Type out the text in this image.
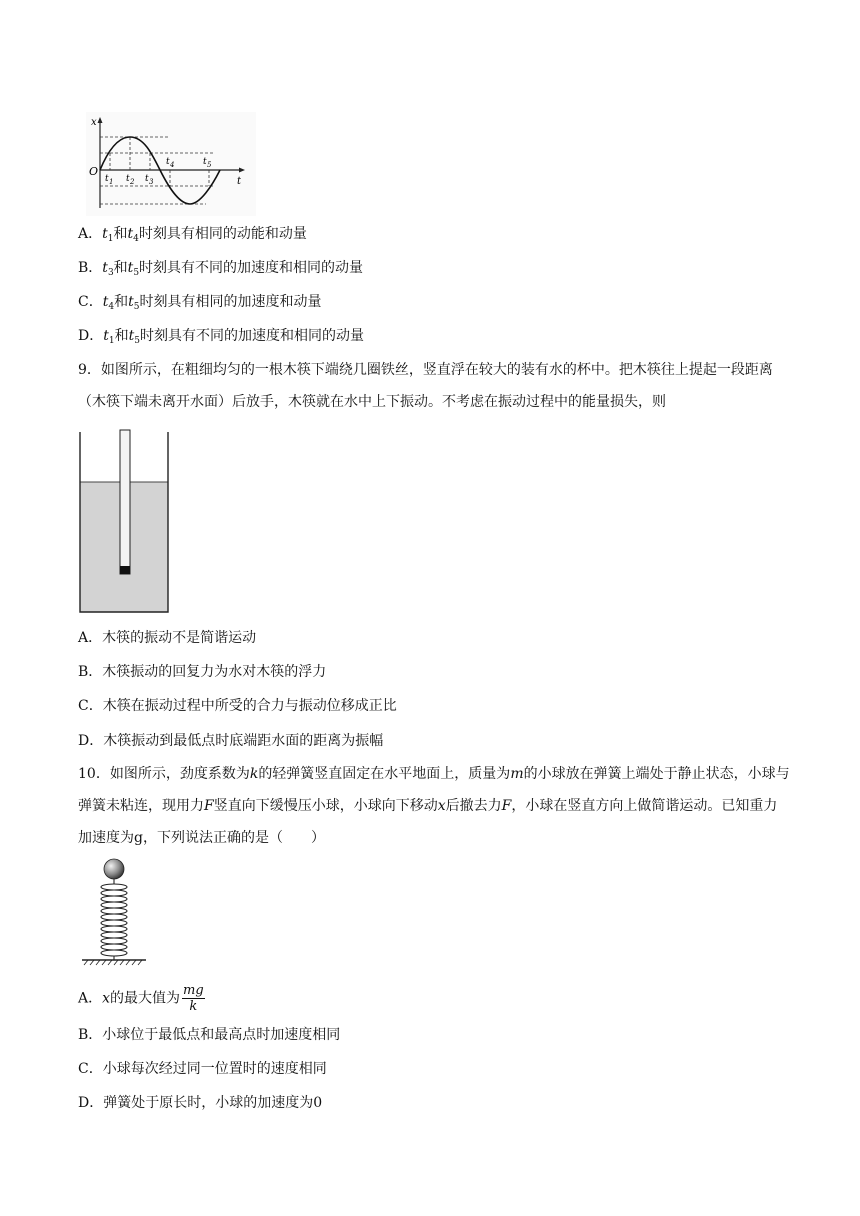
x
t
O
t 1 t 2 t 3
t 4	t 5
A．$t_1$和$t_4$时刻具有相同的动能和动量
B．$t_3$和$t_5$时刻具有不同的加速度和相同的动量
C．$t_4$和$t_5$时刻具有相同的加速度和动量
D．$t_1$和$t_5$时刻具有不同的加速度和相同的动量
9．如图所示，在粗细均匀的一根木筷下端绕几圈铁丝，竖直浮在较大的装有水的杯中。把木筷往上提起一段距离（木筷下端未离开水面）后放手，木筷就在水中上下振动。不考虑在振动过程中的能量损失，则
A．木筷的振动不是简谐运动
B．木筷振动的回复力为水对木筷的浮力
C．木筷在振动过程中所受的合力与振动位移成正比
D．木筷振动到最低点时底端距水面的距离为振幅
10．如图所示，劲度系数为k的轻弹簧竖直固定在水平地面上，质量为m的小球放在弹簧上端处于静止状态，小球与弹簧未粘连，现用力F竖直向下缓慢压小球，小球向下移动x后撤去力F，小球在竖直方向上做简谐运动。已知重力加速度为g，下列说法正确的是（　　）
A．x的最大值为 $\frac{mg}{k}$
B．小球位于最低点和最高点时加速度相同
C．小球每次经过同一位置时的速度相同
D．弹簧处于原长时，小球的加速度为0
